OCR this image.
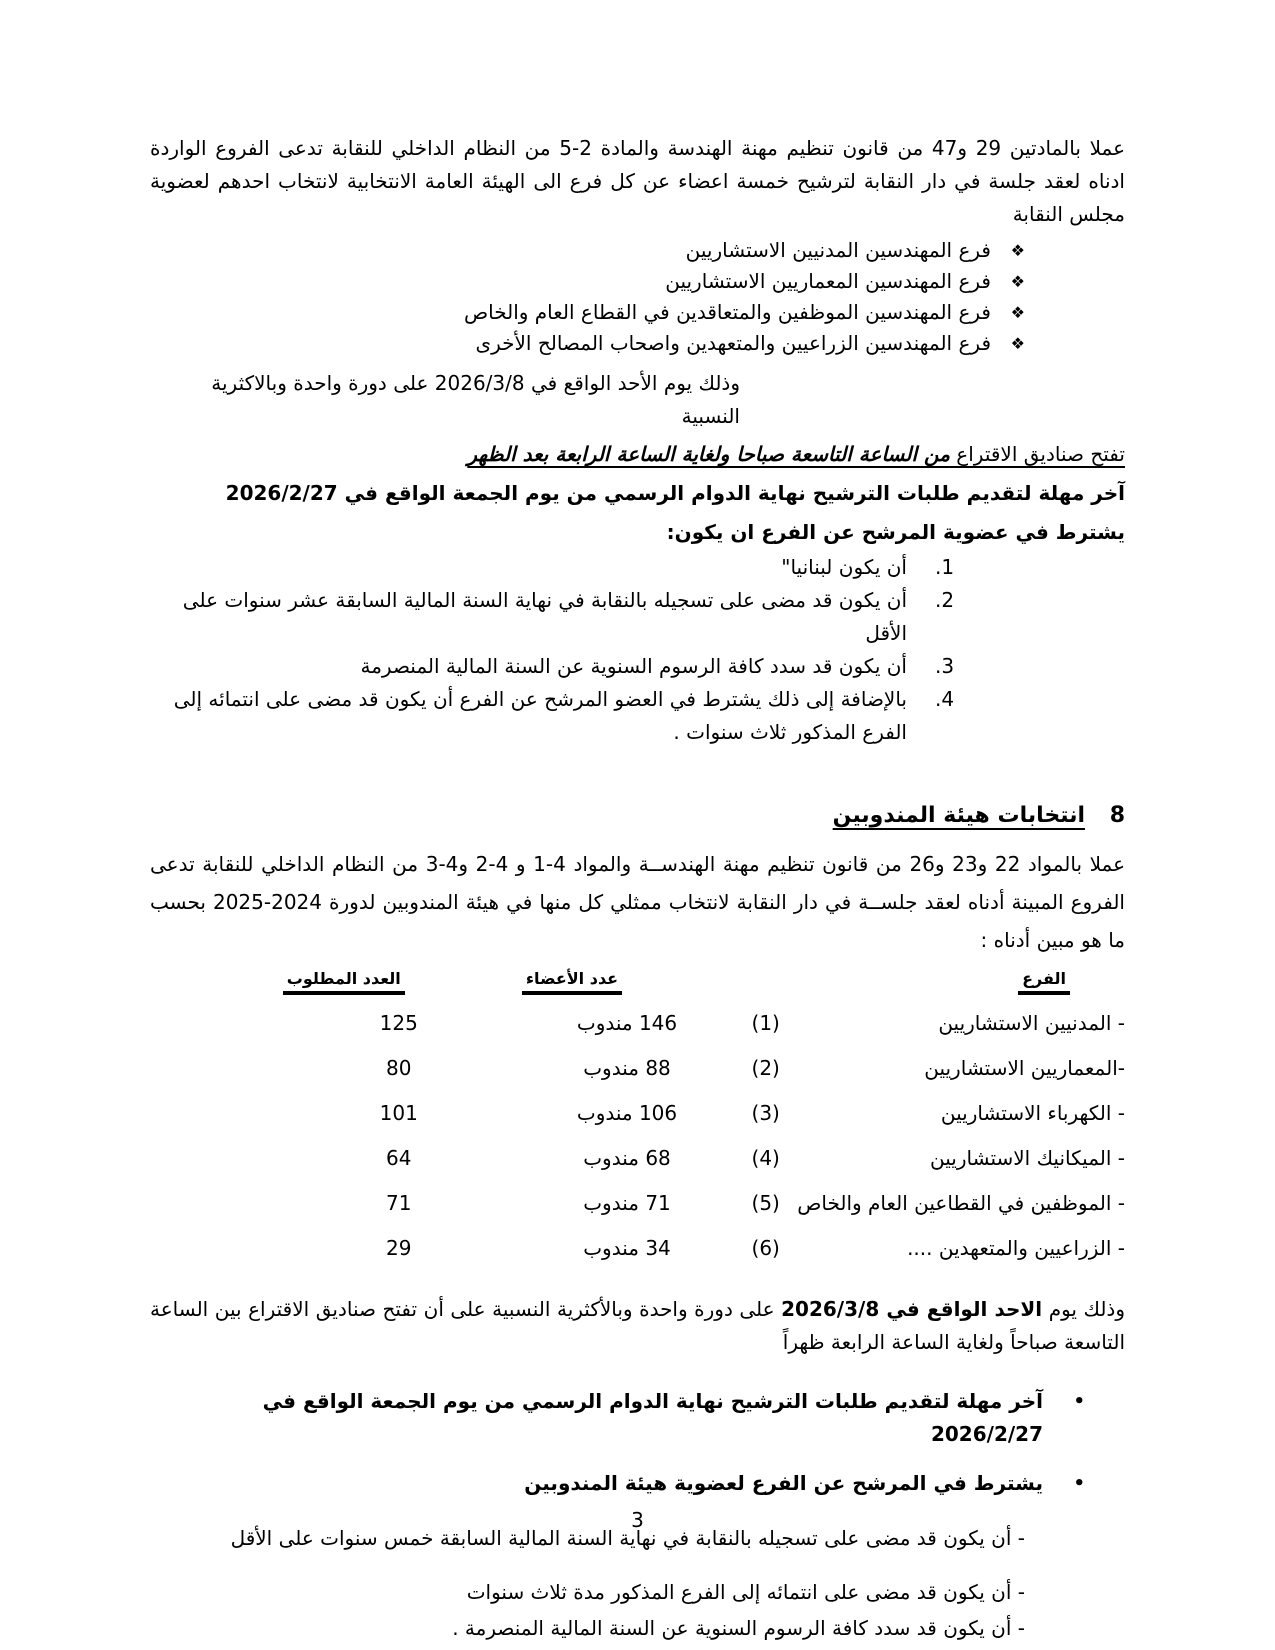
عملا بالمادتين 29 و47 من قانون تنظيم مهنة الهندسة والمادة 2-5 من النظام الداخلي للنقابة تدعى الفروع الواردة ادناه لعقد جلسة في دار النقابة لترشيح خمسة اعضاء عن كل فرع الى الهيئة العامة الانتخابية لانتخاب احدهم لعضوية مجلس النقابة
❖
فرع المهندسين المدنيين الاستشاريين
❖
فرع المهندسين المعماريين الاستشاريين
❖
فرع المهندسين الموظفين والمتعاقدين في القطاع العام والخاص
❖
فرع المهندسين الزراعيين والمتعهدين واصحاب المصالح الأخرى
وذلك يوم الأحد الواقع في 2026/3/8 على دورة واحدة وبالاكثرية النسبية
تفتح صناديق الاقتراع من الساعة التاسعة صباحا ولغاية الساعة الرابعة بعد الظهر
آخر مهلة لتقديم طلبات الترشيح نهاية الدوام الرسمي من يوم الجمعة الواقع في 2026/2/27
يشترط في عضوية المرشح عن الفرع ان يكون:
1.
أن يكون لبنانيا"
2.
أن يكون قد مضى على تسجيله بالنقابة في نهاية السنة المالية السابقة عشر سنوات على الأقل
3.
أن يكون قد سدد كافة الرسوم السنوية عن السنة المالية المنصرمة
4.
بالإضافة إلى ذلك يشترط في العضو المرشح عن الفرع أن يكون قد مضى على انتمائه إلى الفرع المذكور ثلاث سنوات .
8
انتخابات هيئة المندوبين
عملا بالمواد 22 و23 و26 من قانون تنظيم مهنة الهندســة والمواد 4-1 و 4-2 و4-3 من النظام الداخلي للنقابة تدعى الفروع المبينة أدناه لعقد جلســة في دار النقابة لانتخاب ممثلي كل منها في هيئة المندوبين لدورة 2024-2025 بحسب ما هو مبين أدناه :
الفرع
عدد الأعضاء
العدد المطلوب
- المدنيين الاستشاريين
(1)
146 مندوب
125
-المعماريين الاستشاريين
(2)
88 مندوب
80
- الكهرباء الاستشاريين
(3)
106 مندوب
101
- الميكانيك الاستشاريين
(4)
68 مندوب
64
- الموظفين في القطاعين العام والخاص
(5)
71 مندوب
71
- الزراعيين والمتعهدين ....
(6)
34 مندوب
29
وذلك يوم الاحد الواقع في 2026/3/8 على دورة واحدة وبالأكثرية النسبية على أن تفتح صناديق الاقتراع بين الساعة التاسعة صباحاً ولغاية الساعة الرابعة ظهراً
•
آخر مهلة لتقديم طلبات الترشيح نهاية الدوام الرسمي من يوم الجمعة الواقع في 2026/2/27
•
يشترط في المرشح عن الفرع لعضوية هيئة المندوبين
- أن يكون قد مضى على تسجيله بالنقابة في نهاية السنة المالية السابقة خمس سنوات على الأقل
- أن يكون قد مضى على انتمائه إلى الفرع المذكور مدة ثلاث سنوات
- أن يكون قد سدد كافة الرسوم السنوية عن السنة المالية المنصرمة .
3
